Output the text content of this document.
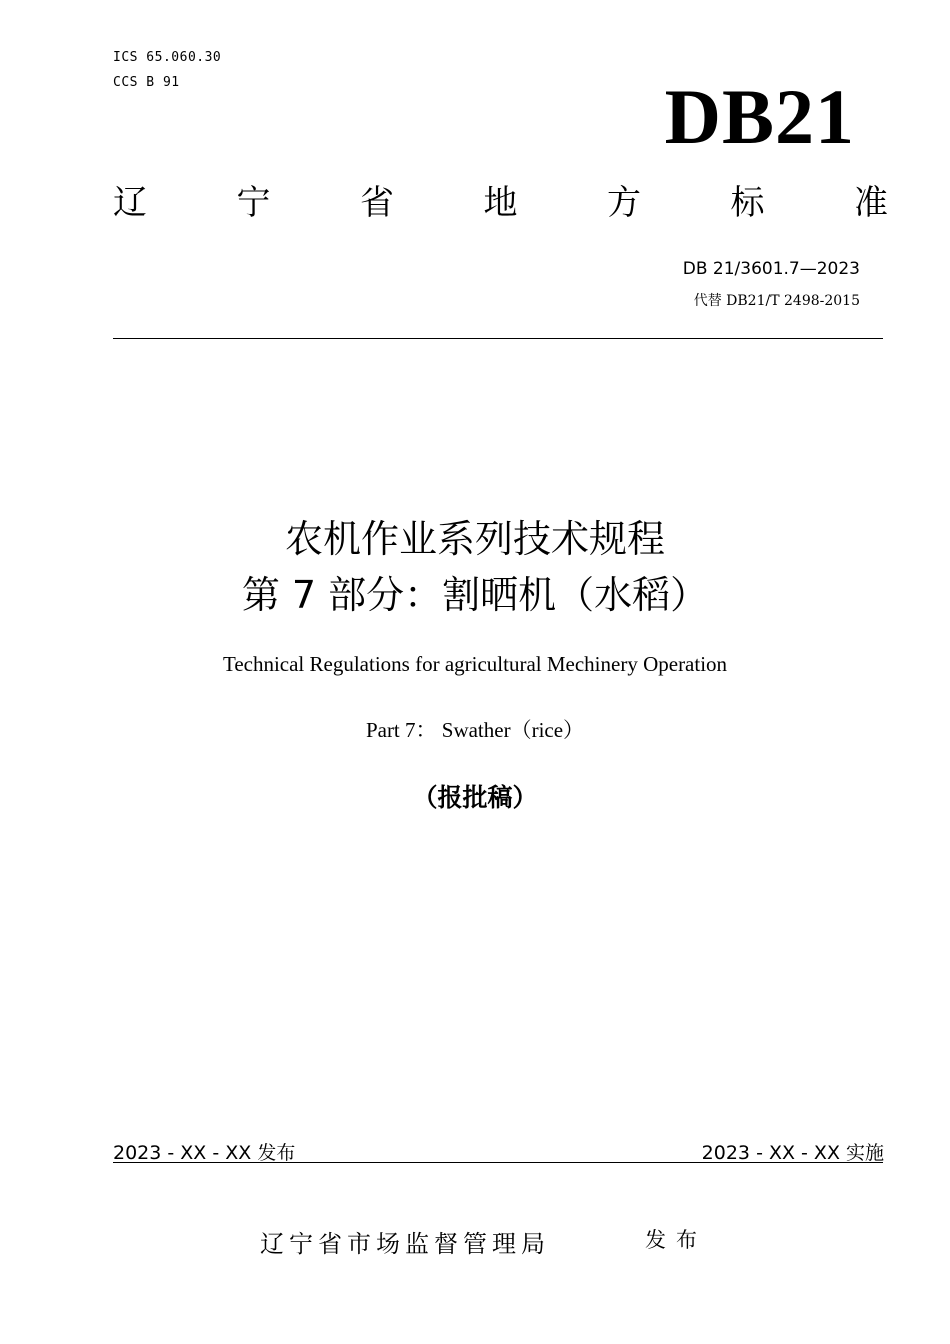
ICS 65.060.30
CCS B 91	DB21
辽	宁	省	地	方	标	准
DB 21/3601.7—2023
代替 DB21/T 2498-2015
农机作业系列技术规程
第 7 部分：割晒机（水稻）
Technical Regulations for agricultural Mechinery Operation
Part 7： Swather（rice）
（报批稿）
2023 - XX - XX 发布	2023 - XX - XX 实施
辽宁省市场监督管理局	发布
